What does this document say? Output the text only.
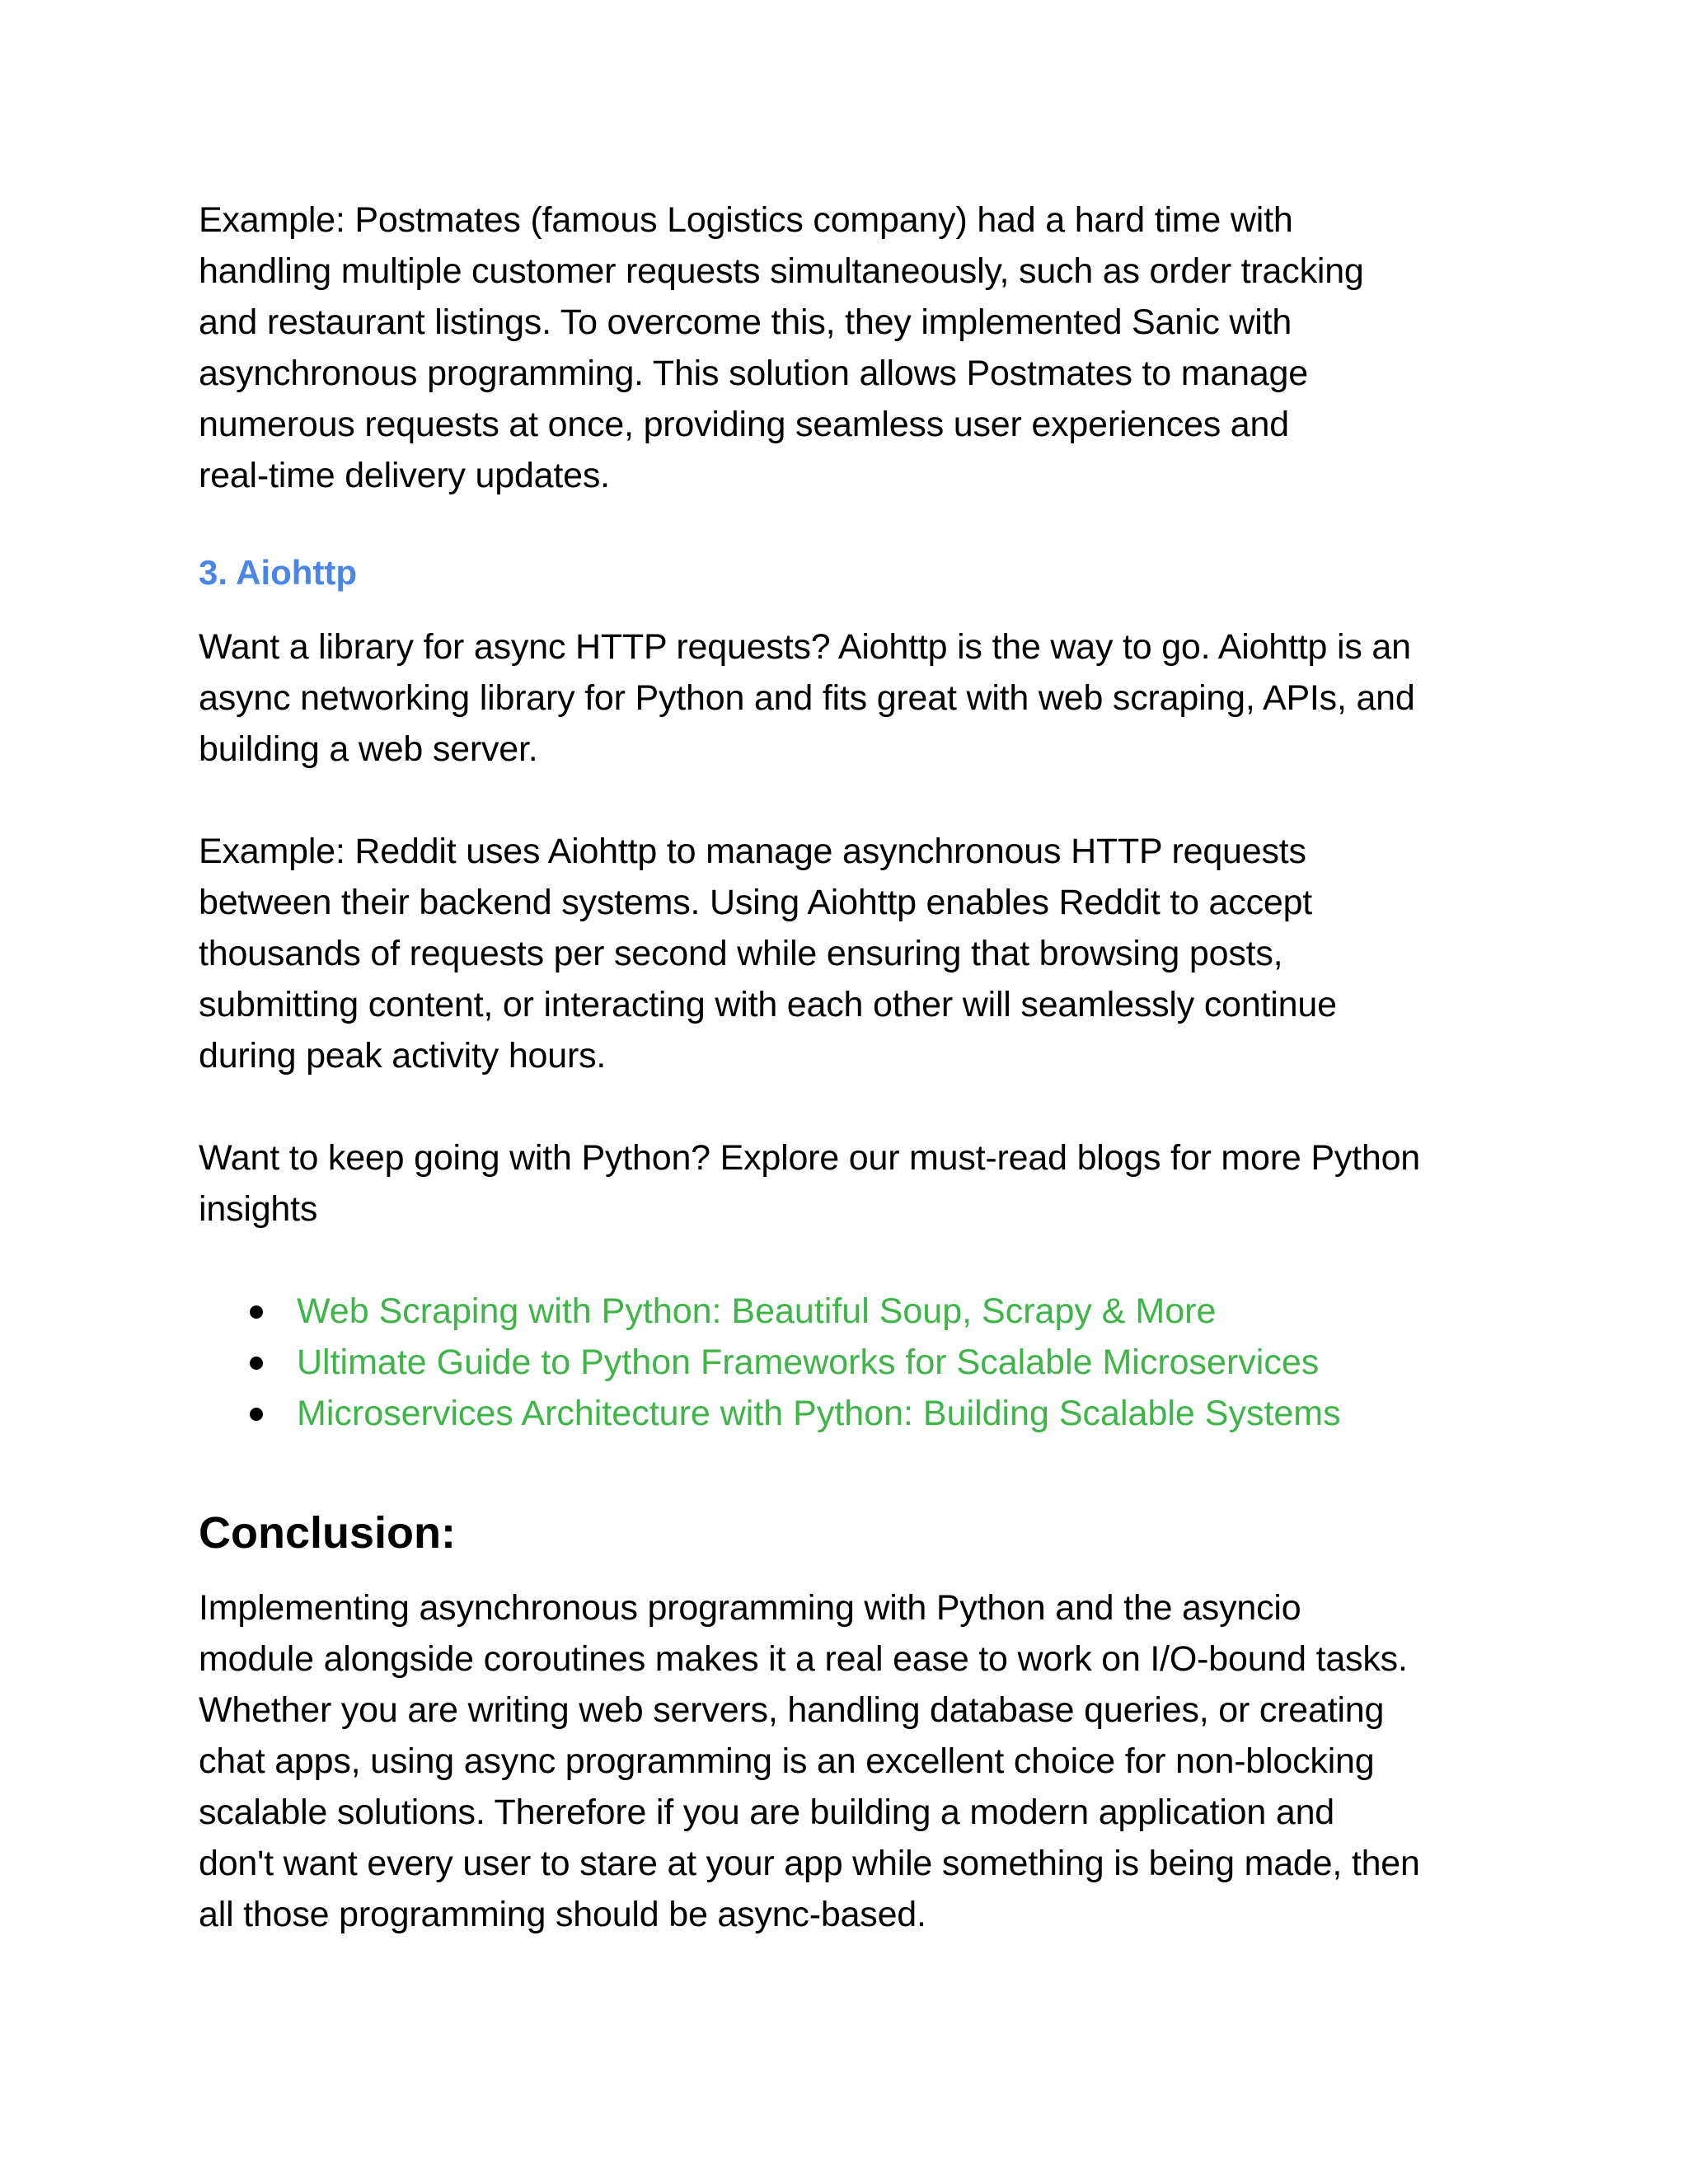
Example: Postmates (famous Logistics company) had a hard time with
handling multiple customer requests simultaneously, such as order tracking
and restaurant listings. To overcome this, they implemented Sanic with
asynchronous programming. This solution allows Postmates to manage
numerous requests at once, providing seamless user experiences and
real-time delivery updates.

3. Aiohttp

Want a library for async HTTP requests? Aiohttp is the way to go. Aiohttp is an
async networking library for Python and fits great with web scraping, APIs, and
building a web server.

Example: Reddit uses Aiohttp to manage asynchronous HTTP requests
between their backend systems. Using Aiohttp enables Reddit to accept
thousands of requests per second while ensuring that browsing posts,
submitting content, or interacting with each other will seamlessly continue
during peak activity hours.

Want to keep going with Python? Explore our must-read blogs for more Python
insights

Web Scraping with Python: Beautiful Soup, Scrapy & More
Ultimate Guide to Python Frameworks for Scalable Microservices
Microservices Architecture with Python: Building Scalable Systems
Conclusion:

Implementing asynchronous programming with Python and the asyncio
module alongside coroutines makes it a real ease to work on I/O-bound tasks.
Whether you are writing web servers, handling database queries, or creating
chat apps, using async programming is an excellent choice for non-blocking
scalable solutions. Therefore if you are building a modern application and
don't want every user to stare at your app while something is being made, then
all those programming should be async-based.
